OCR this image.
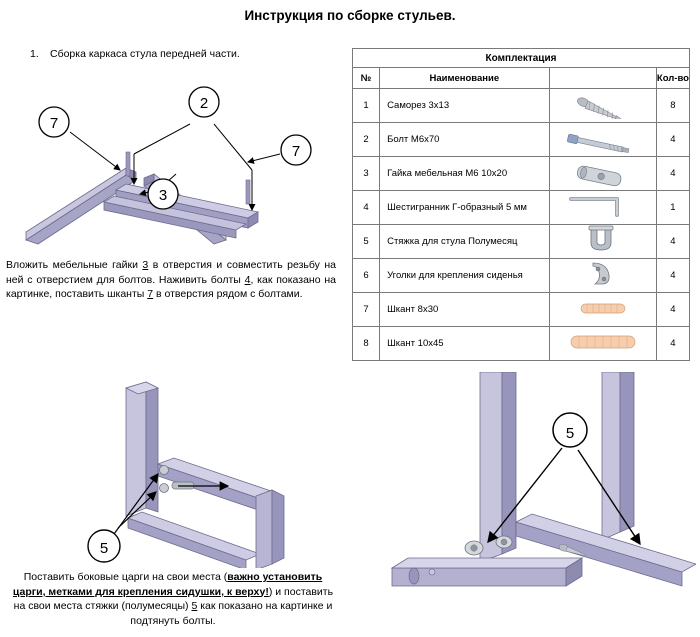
Инструкция по сборке стульев.
1. Сборка каркаса стула передней части.
2
7
7
3
Вложить мебельные гайки 3 в отверстия и совместить резьбу на ней с отверстием для болтов. Наживить болты 4, как показано на картинке, поставить шканты 7 в отверстия рядом с болтами.
Комплектация			
№	Наименование		Кол-во
1	Саморез 3х13		8
2	Болт М6х70		4
3	Гайка мебельная М6 10х20		4
4	Шестигранник Г-образный 5 мм		1
5	Стяжка для стула Полумесяц		4
6	Уголки для крепления сиденья		4
7	Шкант 8х30		4
8	Шкант 10х45		4
5
5
Поставить боковые царги на свои места (важно установить царги, метками для крепления сидушки, к верху!) и поставить на свои места стяжки (полумесяцы) 5 как показано на картинке и подтянуть болты.
